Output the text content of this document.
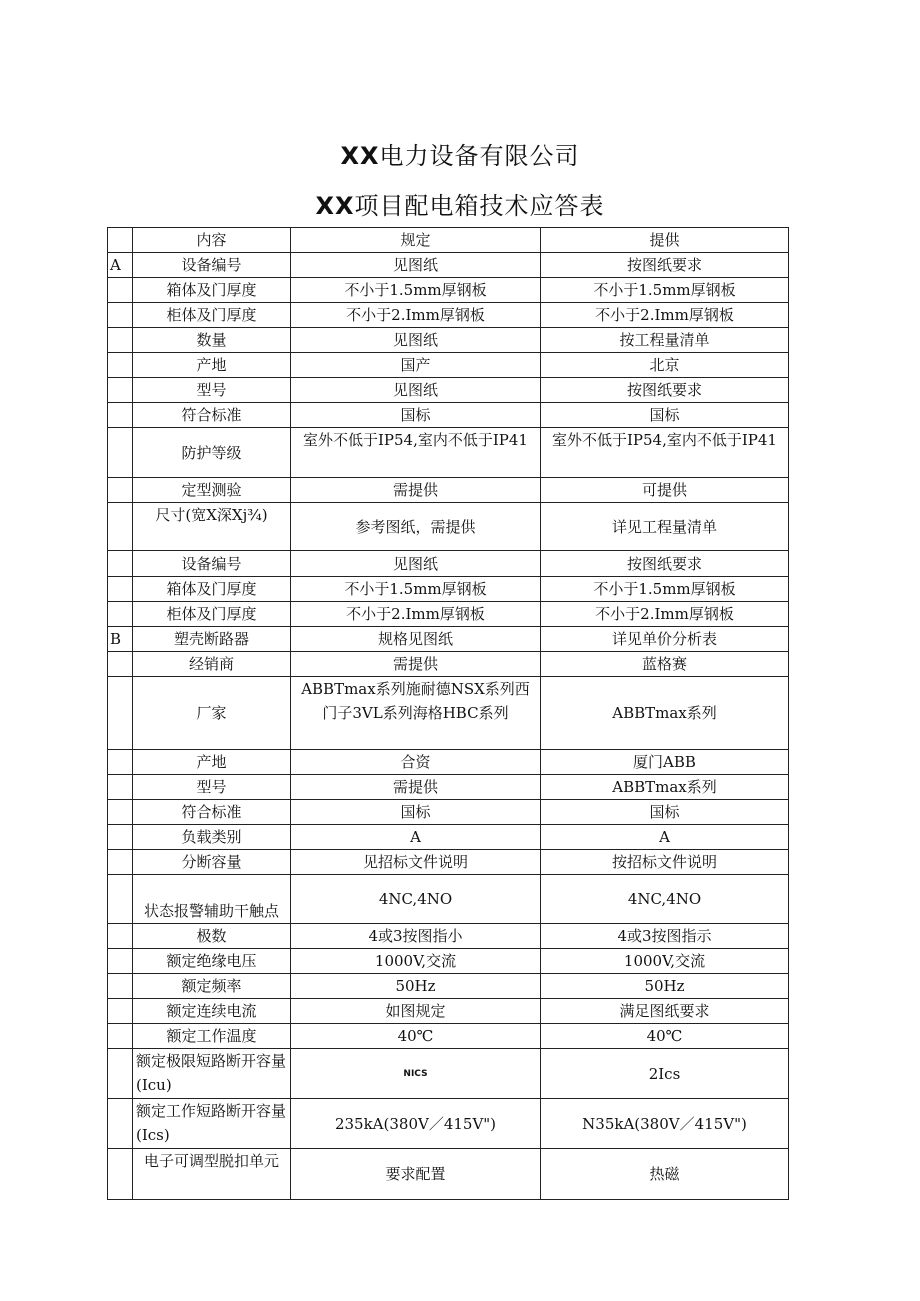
XX电力设备有限公司
XX项目配电箱技术应答表
	内容	规定	提供
A	设备编号	见图纸	按图纸要求
	箱体及门厚度	不小于1.5mm厚钢板	不小于1.5mm厚钢板
	柜体及门厚度	不小于2.Imm厚钢板	不小于2.Imm厚钢板
	数量	见图纸	按工程量清单
	产地	国产	北京
	型号	见图纸	按图纸要求
	符合标准	国标	国标
	防护等级	室外不低于IP54,室内不低于IP41	室外不低于IP54,室内不低于IP41
	定型测验	需提供	可提供
	尺寸(宽X深Xj¾)	参考图纸，需提供	详见工程量清单
	设备编号	见图纸	按图纸要求
	箱体及门厚度	不小于1.5mm厚钢板	不小于1.5mm厚钢板
	柜体及门厚度	不小于2.Imm厚钢板	不小于2.Imm厚钢板
B	塑壳断路器	规格见图纸	详见单价分析表
	经销商	需提供	蓝格赛
	厂家	ABBTmax系列施耐德NSX系列西门子3VL系列海格HBC系列	ABBTmax系列
	产地	合资	厦门ABB
	型号	需提供	ABBTmax系列
	符合标准	国标	国标
	负载类别	A	A
	分断容量	见招标文件说明	按招标文件说明
	状态报警辅助干触点	4NC,4NO	4NC,4NO
	极数	4或3按图指小	4或3按图指示
	额定绝缘电压	1000V,交流	1000V,交流
	额定频率	50Hz	50Hz
	额定连续电流	如图规定	满足图纸要求
	额定工作温度	40℃	40℃
	额定极限短路断开容量(Icu)	NICS	2Ics
	额定工作短路断开容量(Ics)	235kA(380V／415V")	N35kA(380V／415V")
	电子可调型脱扣单元	要求配置	热磁
